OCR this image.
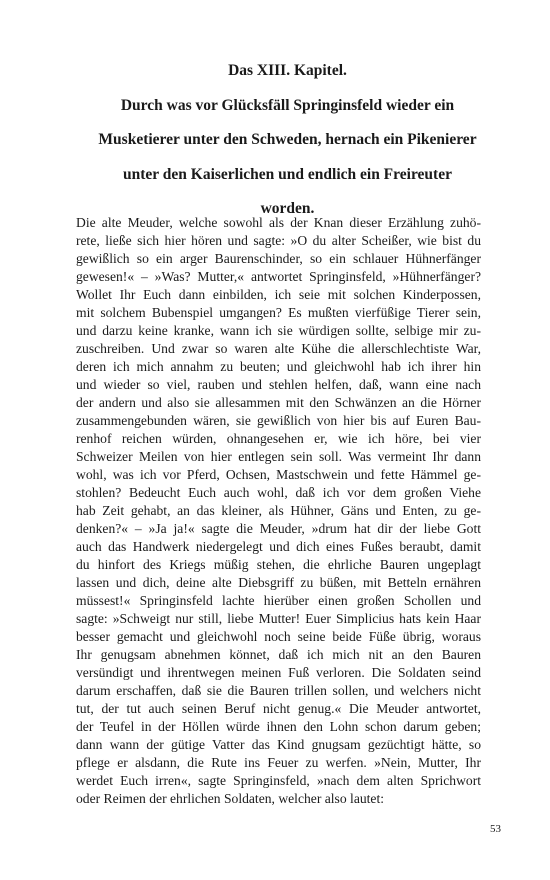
Das XIII. Kapitel.
Durch was vor Glücksfäll Springinsfeld wieder ein
Musketierer unter den Schweden, hernach ein Pikenierer
unter den Kaiserlichen und endlich ein Freireuter
worden.
Die alte Meuder, welche sowohl als der Knan dieser Erzählung zuhö-
rete, ließe sich hier hören und sagte: »O du alter Scheißer, wie bist du
gewißlich so ein arger Baurenschinder, so ein schlauer Hühnerfänger
gewesen!« – »Was? Mutter,« antwortet Springinsfeld, »Hühnerfänger?
Wollet Ihr Euch dann einbilden, ich seie mit solchen Kinderpossen,
mit solchem Bubenspiel umgangen? Es mußten vierfüßige Tierer sein,
und darzu keine kranke, wann ich sie würdigen sollte, selbige mir zu-
zuschreiben. Und zwar so waren alte Kühe die allerschlechtiste War,
deren ich mich annahm zu beuten; und gleichwohl hab ich ihrer hin
und wieder so viel, rauben und stehlen helfen, daß, wann eine nach
der andern und also sie allesammen mit den Schwänzen an die Hörner
zusammengebunden wären, sie gewißlich von hier bis auf Euren Bau-
renhof reichen würden, ohnangesehen er, wie ich höre, bei vier
Schweizer Meilen von hier entlegen sein soll. Was vermeint Ihr dann
wohl, was ich vor Pferd, Ochsen, Mastschwein und fette Hämmel ge-
stohlen? Bedeucht Euch auch wohl, daß ich vor dem großen Viehe
hab Zeit gehabt, an das kleiner, als Hühner, Gäns und Enten, zu ge-
denken?« – »Ja ja!« sagte die Meuder, »drum hat dir der liebe Gott
auch das Handwerk niedergelegt und dich eines Fußes beraubt, damit
du hinfort des Kriegs müßig stehen, die ehrliche Bauren ungeplagt
lassen und dich, deine alte Diebsgriff zu büßen, mit Betteln ernähren
müssest!« Springinsfeld lachte hierüber einen großen Schollen und
sagte: »Schweigt nur still, liebe Mutter! Euer Simplicius hats kein Haar
besser gemacht und gleichwohl noch seine beide Füße übrig, woraus
Ihr genugsam abnehmen könnet, daß ich mich nit an den Bauren
versündigt und ihrentwegen meinen Fuß verloren. Die Soldaten seind
darum erschaffen, daß sie die Bauren trillen sollen, und welchers nicht
tut, der tut auch seinen Beruf nicht genug.« Die Meuder antwortet,
der Teufel in der Höllen würde ihnen den Lohn schon darum geben;
dann wann der gütige Vatter das Kind gnugsam gezüchtigt hätte, so
pflege er alsdann, die Rute ins Feuer zu werfen. »Nein, Mutter, Ihr
werdet Euch irren«, sagte Springinsfeld, »nach dem alten Sprichwort
oder Reimen der ehrlichen Soldaten, welcher also lautet:
53
